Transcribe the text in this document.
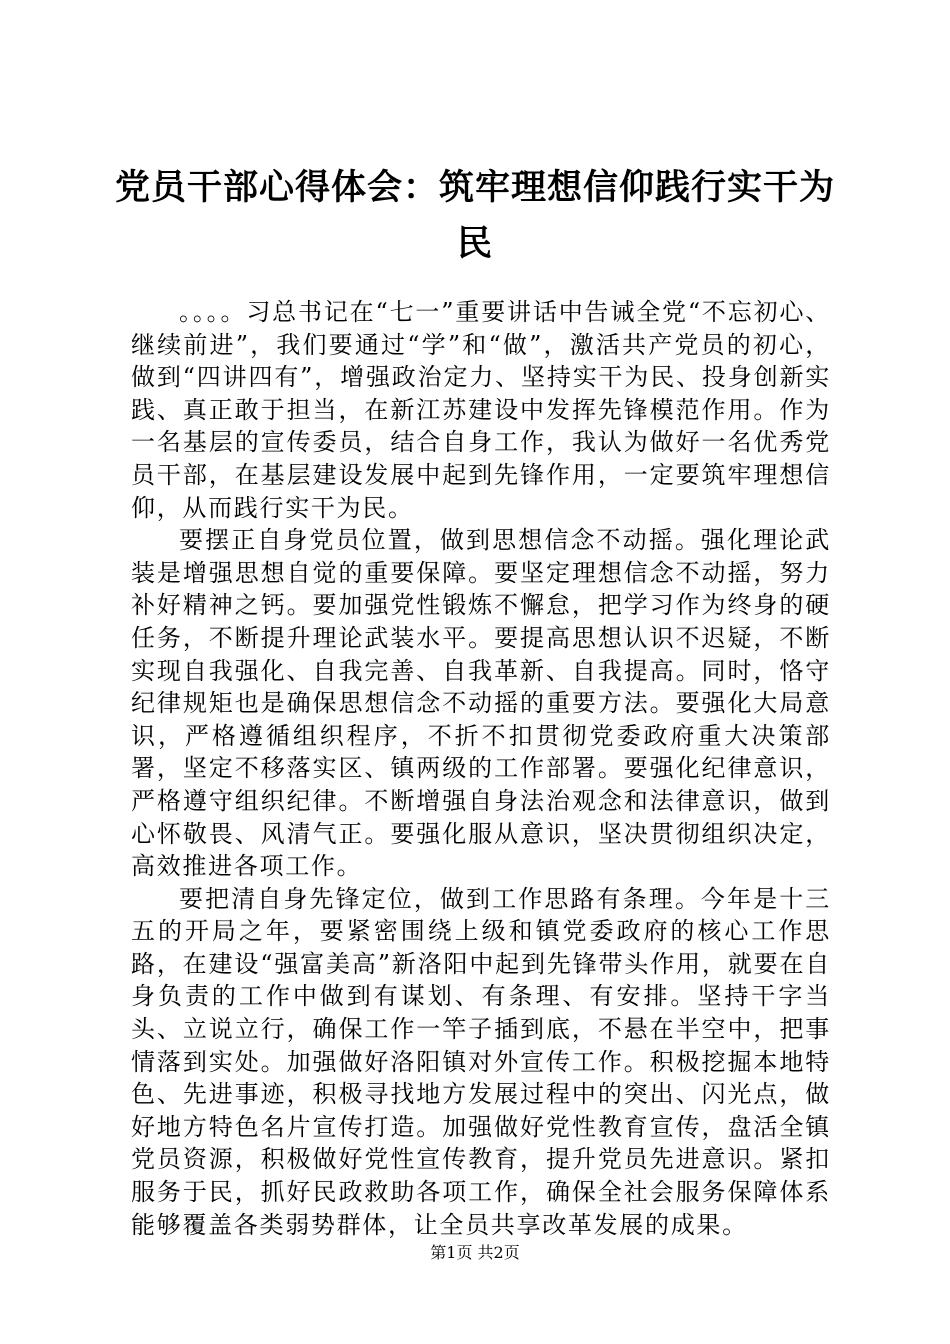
党员干部心得体会：筑牢理想信仰践行实干为民

。。。。习总书记在“七一”重要讲话中告诫全党“不忘初心、继续前进”，我们要通过“学”和“做”，激活共产党员的初心，做到“四讲四有”，增强政治定力、坚持实干为民、投身创新实践、真正敢于担当，在新江苏建设中发挥先锋模范作用。作为一名基层的宣传委员，结合自身工作，我认为做好一名优秀党员干部，在基层建设发展中起到先锋作用，一定要筑牢理想信仰，从而践行实干为民。

要摆正自身党员位置，做到思想信念不动摇。强化理论武装是增强思想自觉的重要保障。要坚定理想信念不动摇，努力补好精神之钙。要加强党性锻炼不懈怠，把学习作为终身的硬任务，不断提升理论武装水平。要提高思想认识不迟疑，不断实现自我强化、自我完善、自我革新、自我提高。同时，恪守纪律规矩也是确保思想信念不动摇的重要方法。要强化大局意识，严格遵循组织程序，不折不扣贯彻党委政府重大决策部署，坚定不移落实区、镇两级的工作部署。要强化纪律意识，严格遵守组织纪律。不断增强自身法治观念和法律意识，做到心怀敬畏、风清气正。要强化服从意识，坚决贯彻组织决定，高效推进各项工作。

要把清自身先锋定位，做到工作思路有条理。今年是十三五的开局之年，要紧密围绕上级和镇党委政府的核心工作思路，在建设“强富美高”新洛阳中起到先锋带头作用，就要在自身负责的工作中做到有谋划、有条理、有安排。坚持干字当头、立说立行，确保工作一竿子插到底，不悬在半空中，把事情落到实处。加强做好洛阳镇对外宣传工作。积极挖掘本地特色、先进事迹，积极寻找地方发展过程中的突出、闪光点，做好地方特色名片宣传打造。加强做好党性教育宣传，盘活全镇党员资源，积极做好党性宣传教育，提升党员先进意识。紧扣服务于民，抓好民政救助各项工作，确保全社会服务保障体系能够覆盖各类弱势群体，让全员共享改革发展的成果。

第1页 共2页
